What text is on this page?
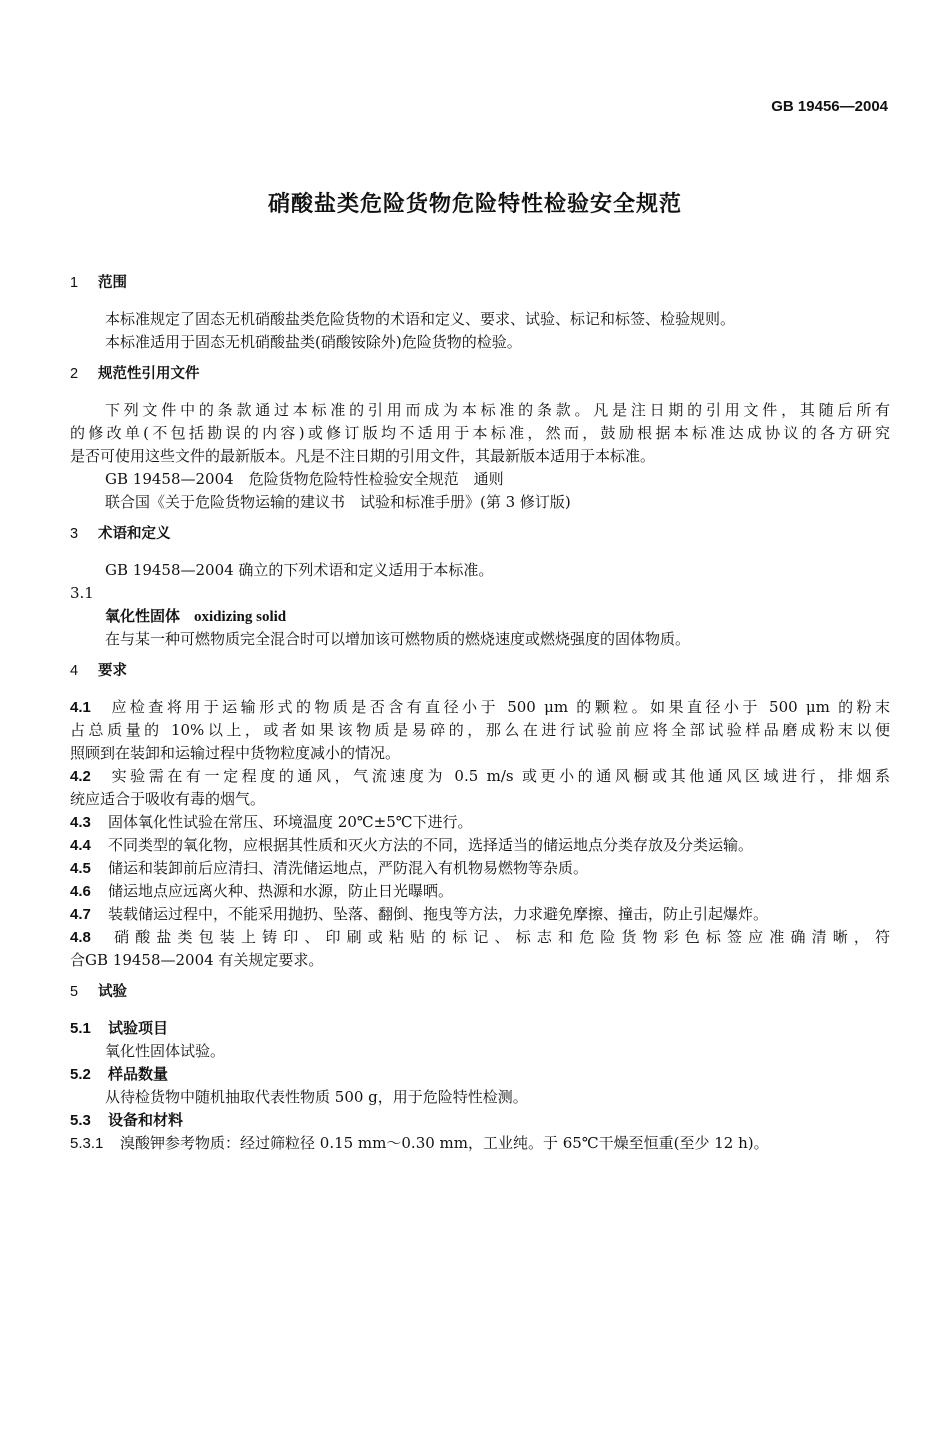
GB 19456—2004
硝酸盐类危险货物危险特性检验安全规范
1 范围
本标准规定了固态无机硝酸盐类危险货物的术语和定义、要求、试验、标记和标签、检验规则。
本标准适用于固态无机硝酸盐类(硝酸铵除外)危险货物的检验。
2 规范性引用文件
下列文件中的条款通过本标准的引用而成为本标准的条款。凡是注日期的引用文件，其随后所有
的修改单(不包括勘误的内容)或修订版均不适用于本标准，然而，鼓励根据本标准达成协议的各方研究
是否可使用这些文件的最新版本。凡是不注日期的引用文件，其最新版本适用于本标准。
GB 19458—2004　危险货物危险特性检验安全规范　通则
联合国《关于危险货物运输的建议书　试验和标准手册》(第 3 修订版)
3 术语和定义
GB 19458—2004 确立的下列术语和定义适用于本标准。
3.1
氧化性固体 oxidizing solid
在与某一种可燃物质完全混合时可以增加该可燃物质的燃烧速度或燃烧强度的固体物质。
4 要求
4.1 应检查将用于运输形式的物质是否含有直径小于 500 μm 的颗粒。如果直径小于 500 μm 的粉末
占总质量的 10%以上，或者如果该物质是易碎的，那么在进行试验前应将全部试验样品磨成粉末以便
照顾到在装卸和运输过程中货物粒度减小的情况。
4.2 实验需在有一定程度的通风，气流速度为 0.5 m/s 或更小的通风橱或其他通风区域进行，排烟系
统应适合于吸收有毒的烟气。
4.3 固体氧化性试验在常压、环境温度 20℃±5℃下进行。
4.4 不同类型的氧化物，应根据其性质和灭火方法的不同，选择适当的储运地点分类存放及分类运输。
4.5 储运和装卸前后应清扫、清洗储运地点，严防混入有机物易燃物等杂质。
4.6 储运地点应远离火种、热源和水源，防止日光曝晒。
4.7 装载储运过程中，不能采用抛扔、坠落、翻倒、拖曳等方法，力求避免摩擦、撞击，防止引起爆炸。
4.8 硝酸盐类包装上铸印、印刷或粘贴的标记、标志和危险货物彩色标签应准确清晰，符
合GB 19458—2004 有关规定要求。
5 试验
5.1 试验项目
氧化性固体试验。
5.2 样品数量
从待检货物中随机抽取代表性物质 500 g，用于危险特性检测。
5.3 设备和材料
5.3.1 溴酸钾参考物质：经过筛粒径 0.15 mm～0.30 mm，工业纯。于 65℃干燥至恒重(至少 12 h)。
